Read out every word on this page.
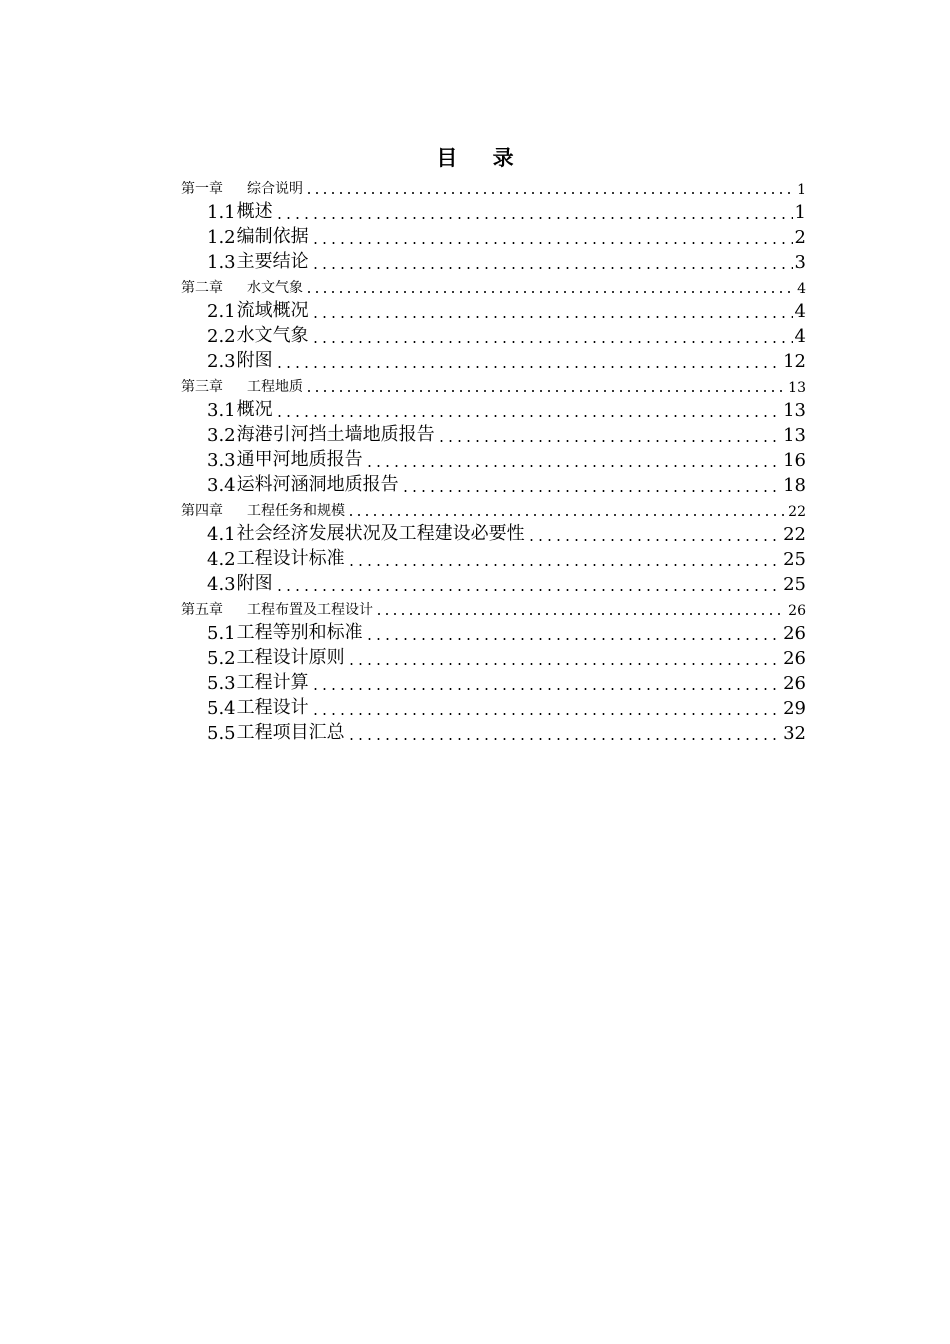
目 录
第一章 综合说明	1
1.1 概述	1
1.2 编制依据	2
1.3 主要结论	3
第二章 水文气象	4
2.1 流域概况	4
2.2 水文气象	4
2.3 附图	12
第三章 工程地质	13
3.1 概况	13
3.2 海港引河挡土墙地质报告	13
3.3 通甲河地质报告	16
3.4 运料河涵洞地质报告	18
第四章 工程任务和规模	22
4.1 社会经济发展状况及工程建设必要性	22
4.2 工程设计标准	25
4.3 附图	25
第五章 工程布置及工程设计	26
5.1 工程等别和标准	26
5.2 工程设计原则	26
5.3 工程计算	26
5.4 工程设计	29
5.5 工程项目汇总	32
